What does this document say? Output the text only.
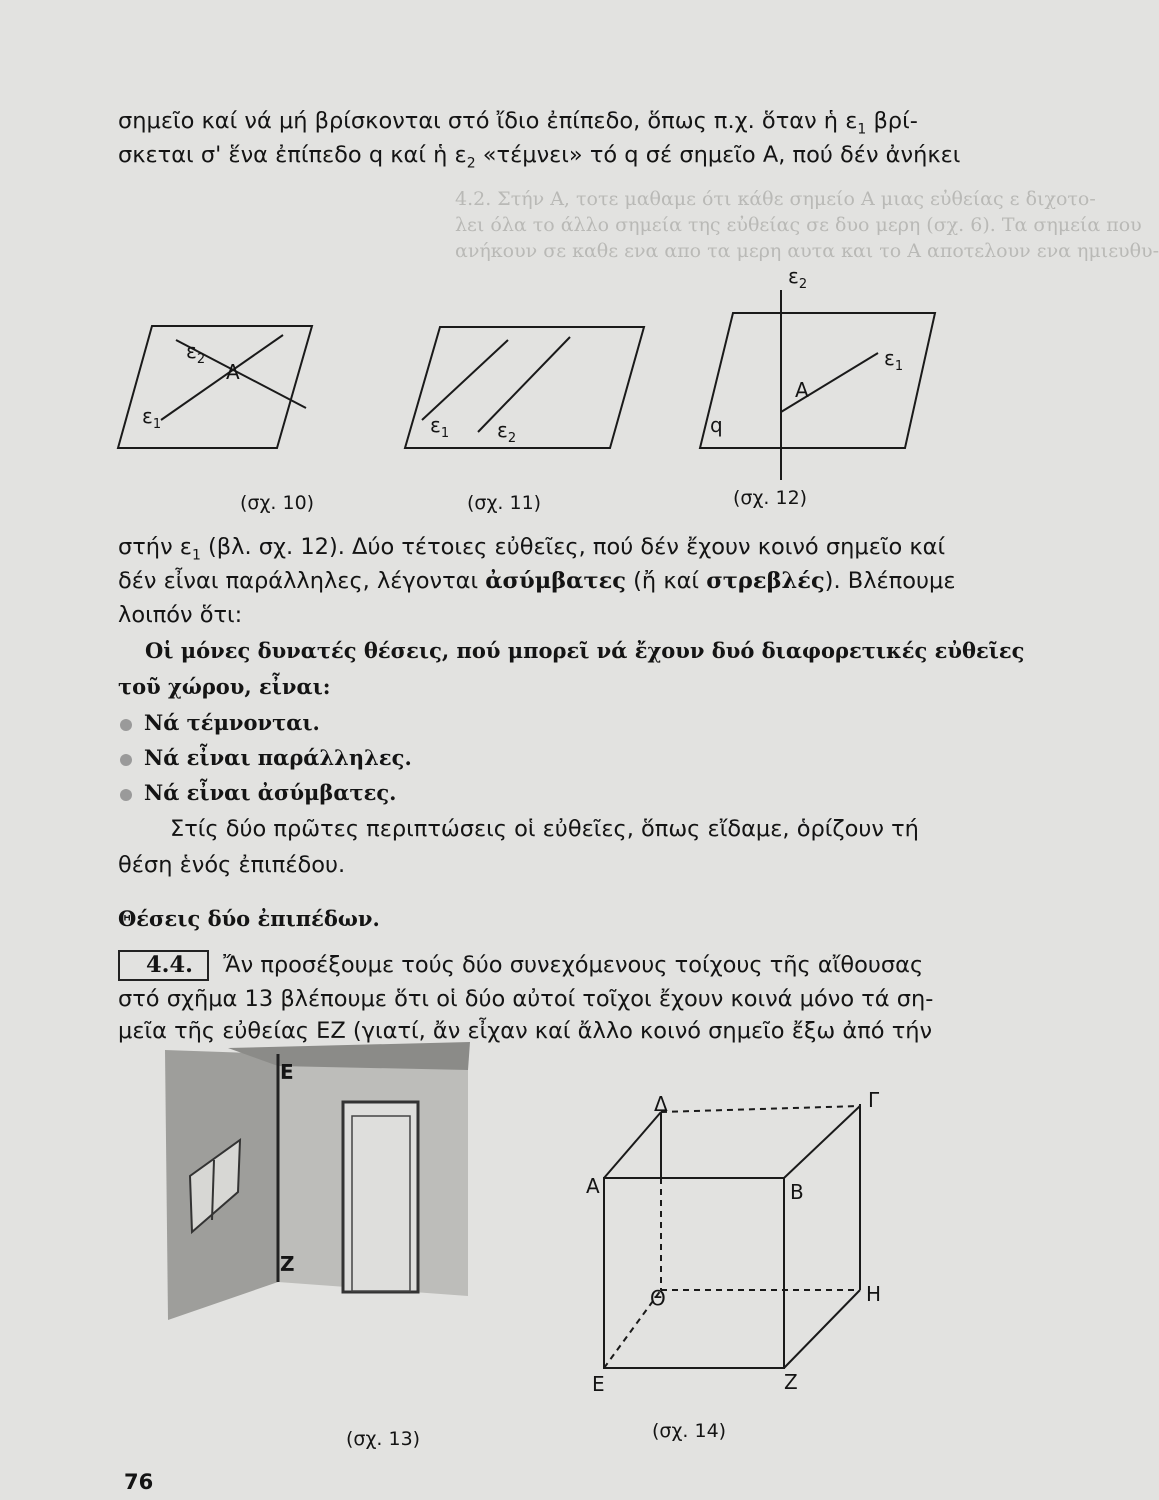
4.2. Στήν Α, τοτε μαθαμε ότι κάθε σημείο Α μιας εὐθείας ε διχοτο-
λει όλα το άλλο σημεία της εὐθείας σε δυο μερη (σχ. 6). Τα σημεία που
ανήκουν σε καθε ενα απο τα μερη αυτα και το Α αποτελουν ενα ημιευθυ-
σημεῖο καί νά μή βρίσκονται στό ἴδιο ἐπίπεδο, ὅπως π.χ. ὅταν ἡ $\varepsilon_1$ βρί-
σκεται σ' ἕνα ἐπίπεδο q καί ἡ $\varepsilon_2$ «τέμνει» τό q σέ σημεῖο Α, πού δέν ἀνήκει
$\varepsilon_2$
Α
$\varepsilon_1$
(σχ. 10)
$\varepsilon_1$ $\varepsilon_2$
(σχ. 11)
$\varepsilon_2$
$\varepsilon_1$
Α
q
(σχ. 12)
στήν $\varepsilon_1$ (βλ. σχ. 12). Δύο τέτοιες εὐθεῖες, πού δέν ἔχουν κοινό σημεῖο καί
δέν εἶναι παράλληλες, λέγονται ἀσύμβατες (ἤ καί στρεβλές). Βλέπουμε
λοιπόν ὅτι:
Οἱ μόνες δυνατές θέσεις, πού μπορεῖ νά ἔχουν δυό διαφορετικές εὐθεῖες
τοῦ χώρου, εἶναι:
Νά τέμνονται.
Νά εἶναι παράλληλες.
Νά εἶναι ἀσύμβατες.
Στίς δύο πρῶτες περιπτώσεις οἱ εὐθεῖες, ὅπως εἴδαμε, ὁρίζουν τή
θέση ἑνός ἐπιπέδου.
Θέσεις δύο ἐπιπέδων.
4.4. Ἄν προσέξουμε τούς δύο συνεχόμενους τοίχους τῆς αἴθουσας
στό σχῆμα 13 βλέπουμε ὅτι οἱ δύο αὐτοί τοῖχοι ἔχουν κοινά μόνο τά ση-
μεῖα τῆς εὐθείας ΕΖ (γιατί, ἄν εἶχαν καί ἄλλο κοινό σημεῖο ἔξω ἀπό τήν
Ε
Ζ
(σχ. 13)
Δ	Γ
Α	Β
Θ	Η
Ε	Ζ
(σχ. 14)
76
